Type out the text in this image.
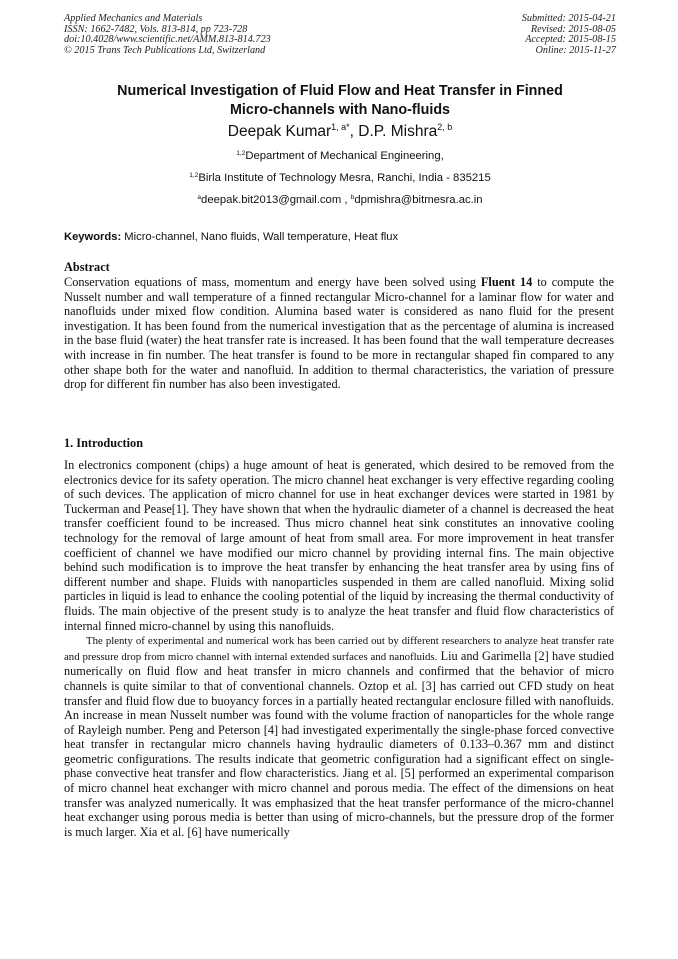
Applied Mechanics and Materials
ISSN: 1662-7482, Vols. 813-814, pp 723-728
doi:10.4028/www.scientific.net/AMM.813-814.723
© 2015 Trans Tech Publications Ltd, Switzerland
Submitted: 2015-04-21
Revised: 2015-08-05
Accepted: 2015-08-15
Online: 2015-11-27
Numerical Investigation of Fluid Flow and Heat Transfer in Finned
Micro-channels with Nano-fluids
Deepak Kumar$^{1, a*}$, D.P. Mishra$^{2, b}$
$^{1,2}$Department of Mechanical Engineering,
$^{1,2}$Birla Institute of Technology Mesra, Ranchi, India - 835215
$^a$deepak.bit2013@gmail.com , $^b$dpmishra@bitmesra.ac.in
Keywords: Micro-channel, Nano fluids, Wall temperature, Heat flux
Abstract

Conservation equations of mass, momentum and energy have been solved using Fluent 14 to compute the Nusselt number and wall temperature of a finned rectangular Micro-channel for a laminar flow for water and nanofluids under mixed flow condition. Alumina based water is considered as nano fluid for the present investigation. It has been found from the numerical investigation that as the percentage of alumina is increased in the base fluid (water) the heat transfer rate is increased. It has been found that the wall temperature decreases with increase in fin number. The heat transfer is found to be more in rectangular shaped fin compared to any other shape both for the water and nanofluid. In addition to thermal characteristics, the variation of pressure drop for different fin number has also been investigated.

1. Introduction

In electronics component (chips) a huge amount of heat is generated, which desired to be removed from the electronics device for its safety operation. The micro channel heat exchanger is very effective regarding cooling of such devices. The application of micro channel for use in heat exchanger devices were started in 1981 by Tuckerman and Pease[1]. They have shown that when the hydraulic diameter of a channel is decreased the heat transfer coefficient found to be increased. Thus micro channel heat sink constitutes an innovative cooling technology for the removal of large amount of heat from small area. For more improvement in heat transfer coefficient of channel we have modified our micro channel by providing internal fins. The main objective behind such modification is to improve the heat transfer by enhancing the heat transfer area by using fins of different number and shape. Fluids with nanoparticles suspended in them are called nanofluid. Mixing solid particles in liquid is lead to enhance the cooling potential of the liquid by increasing the thermal conductivity of fluids. The main objective of the present study is to analyze the heat transfer and fluid flow characteristics of internal finned micro-channel by using this nanofluids.

The plenty of experimental and numerical work has been carried out by different researchers to analyze heat transfer rate and pressure drop from micro channel with internal extended surfaces and nanofluids. Liu and Garimella [2] have studied numerically on fluid flow and heat transfer in micro channels and confirmed that the behavior of micro channels is quite similar to that of conventional channels. Oztop et al. [3] has carried out CFD study on heat transfer and fluid flow due to buoyancy forces in a partially heated rectangular enclosure filled with nanofluids. An increase in mean Nusselt number was found with the volume fraction of nanoparticles for the whole range of Rayleigh number. Peng and Peterson [4] had investigated experimentally the single-phase forced convective heat transfer in rectangular micro channels having hydraulic diameters of 0.133–0.367 mm and distinct geometric configurations. The results indicate that geometric configuration had a significant effect on single-phase convective heat transfer and flow characteristics. Jiang et al. [5] performed an experimental comparison of micro channel heat exchanger with micro channel and porous media. The effect of the dimensions on heat transfer was analyzed numerically. It was emphasized that the heat transfer performance of the micro-channel heat exchanger using porous media is better than using of micro-channels, but the pressure drop of the former is much larger. Xia et al. [6] have numerically
